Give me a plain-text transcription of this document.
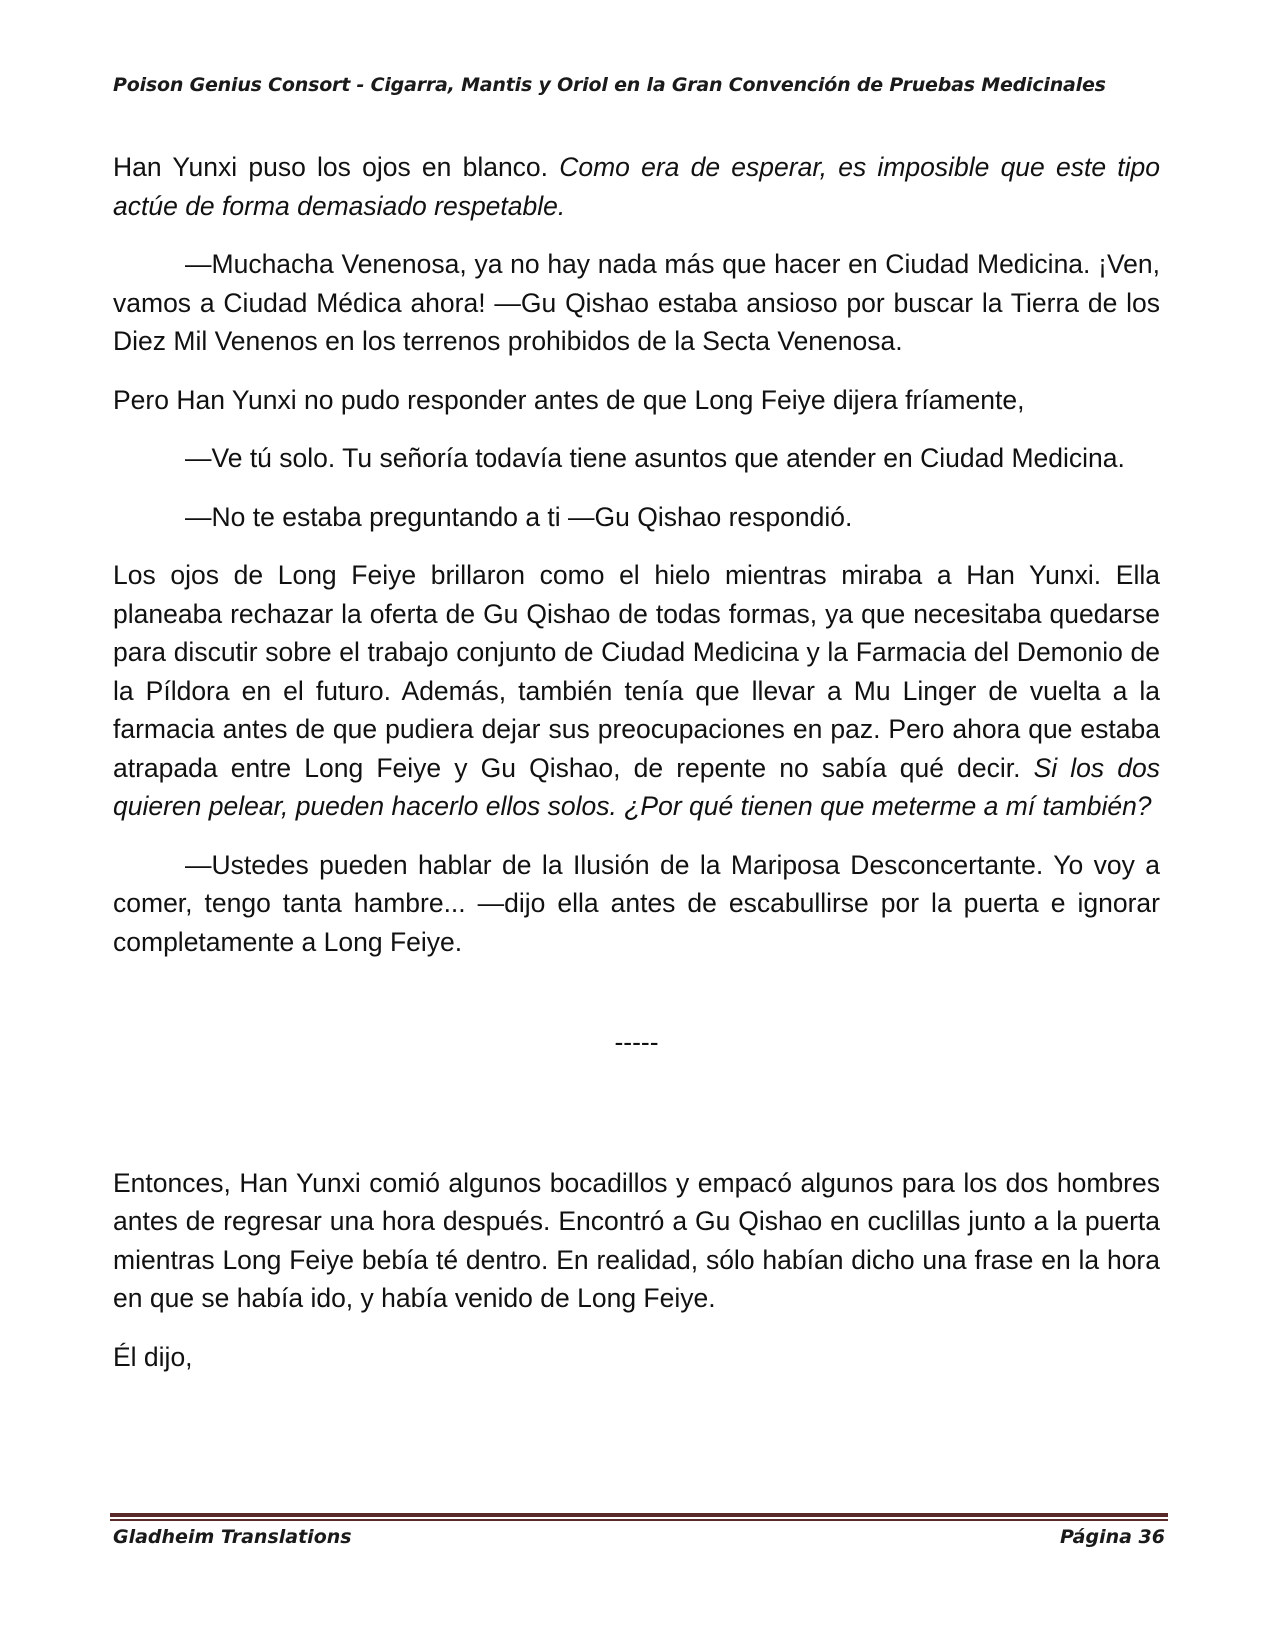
Poison Genius Consort - Cigarra, Mantis y Oriol en la Gran Convención de Pruebas Medicinales

Han Yunxi puso los ojos en blanco. Como era de esperar, es imposible que este tipo actúe de forma demasiado respetable.

—Muchacha Venenosa, ya no hay nada más que hacer en Ciudad Medicina. ¡Ven, vamos a Ciudad Médica ahora! —Gu Qishao estaba ansioso por buscar la Tierra de los Diez Mil Venenos en los terrenos prohibidos de la Secta Venenosa.

Pero Han Yunxi no pudo responder antes de que Long Feiye dijera fríamente,

—Ve tú solo. Tu señoría todavía tiene asuntos que atender en Ciudad Medicina.

—No te estaba preguntando a ti —Gu Qishao respondió.

Los ojos de Long Feiye brillaron como el hielo mientras miraba a Han Yunxi. Ella planeaba rechazar la oferta de Gu Qishao de todas formas, ya que necesitaba quedarse para discutir sobre el trabajo conjunto de Ciudad Medicina y la Farmacia del Demonio de la Píldora en el futuro. Además, también tenía que llevar a Mu Linger de vuelta a la farmacia antes de que pudiera dejar sus preocupaciones en paz. Pero ahora que estaba atrapada entre Long Feiye y Gu Qishao, de repente no sabía qué decir. Si los dos quieren pelear, pueden hacerlo ellos solos. ¿Por qué tienen que meterme a mí también?

—Ustedes pueden hablar de la Ilusión de la Mariposa Desconcertante. Yo voy a comer, tengo tanta hambre... —dijo ella antes de escabullirse por la puerta e ignorar completamente a Long Feiye.

-----

Entonces, Han Yunxi comió algunos bocadillos y empacó algunos para los dos hombres antes de regresar una hora después. Encontró a Gu Qishao en cuclillas junto a la puerta mientras Long Feiye bebía té dentro. En realidad, sólo habían dicho una frase en la hora en que se había ido, y había venido de Long Feiye.

Él dijo,

Gladheim Translations	Página 36
